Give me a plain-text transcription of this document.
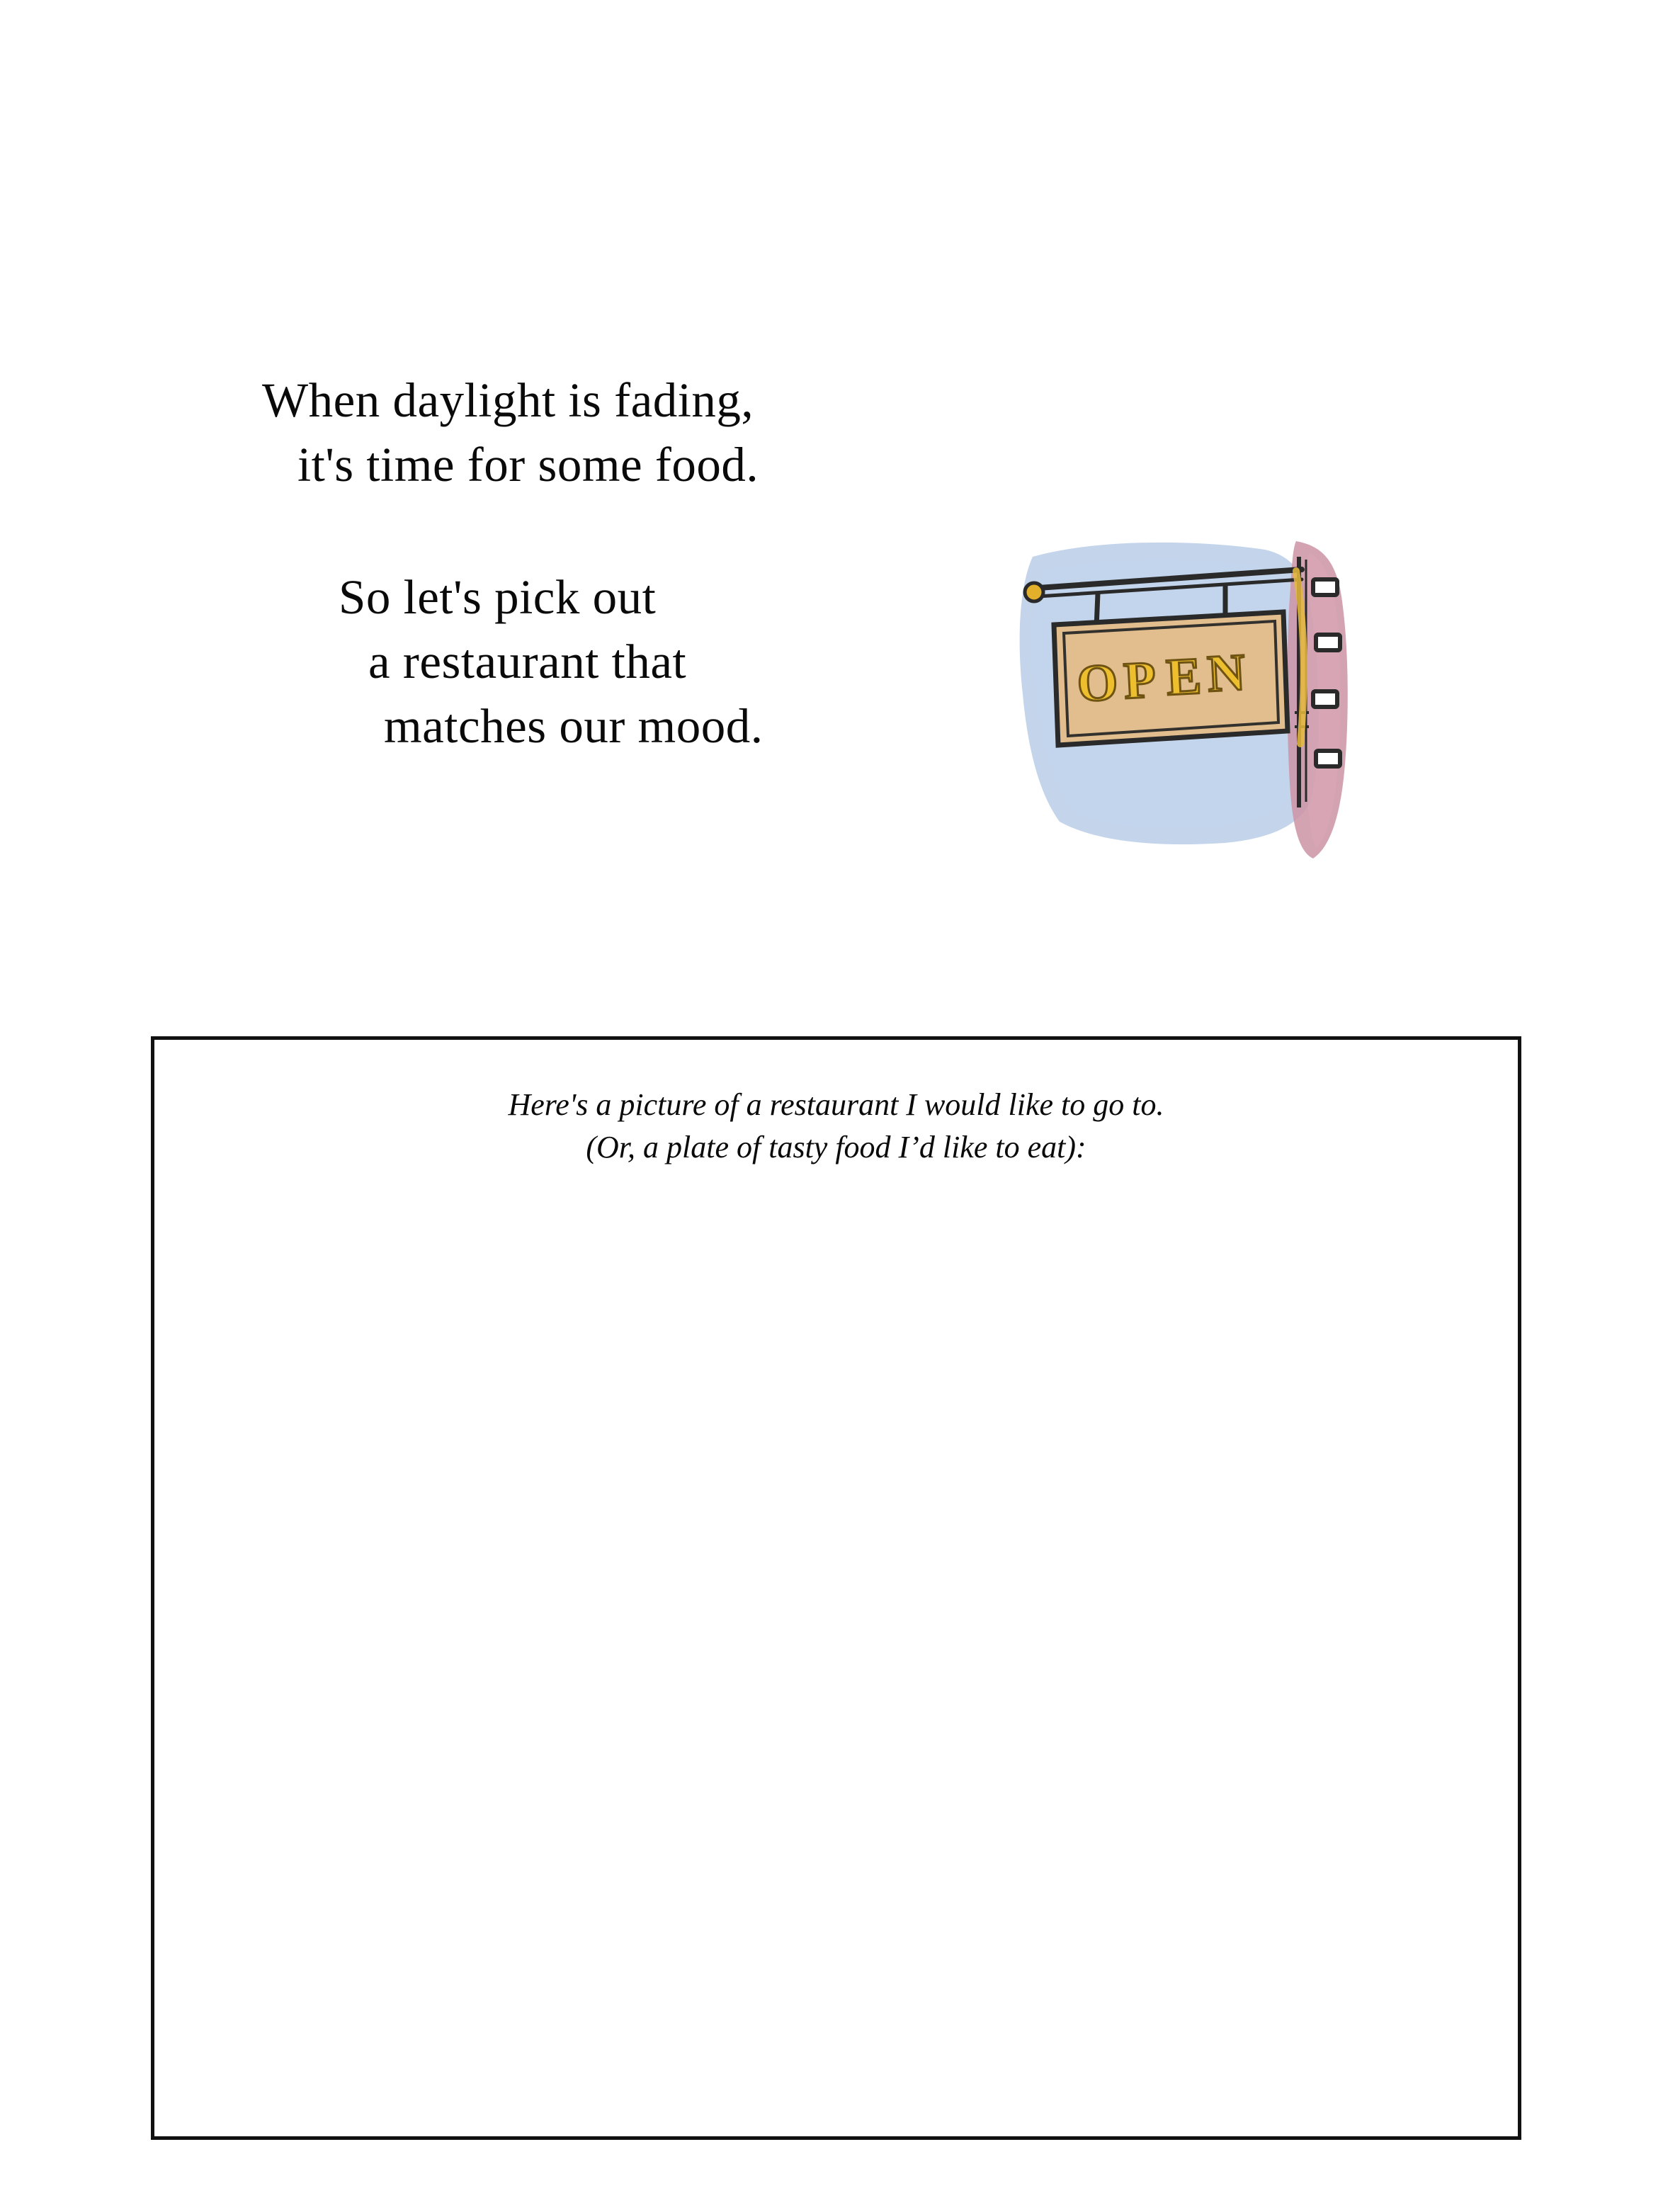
When daylight is fading,
it's time for some food.
So let's pick out
a restaurant that
matches our mood.
O P E N
Here's a picture of a restaurant I would like to go to.
(Or, a plate of tasty food I’d like to eat):
